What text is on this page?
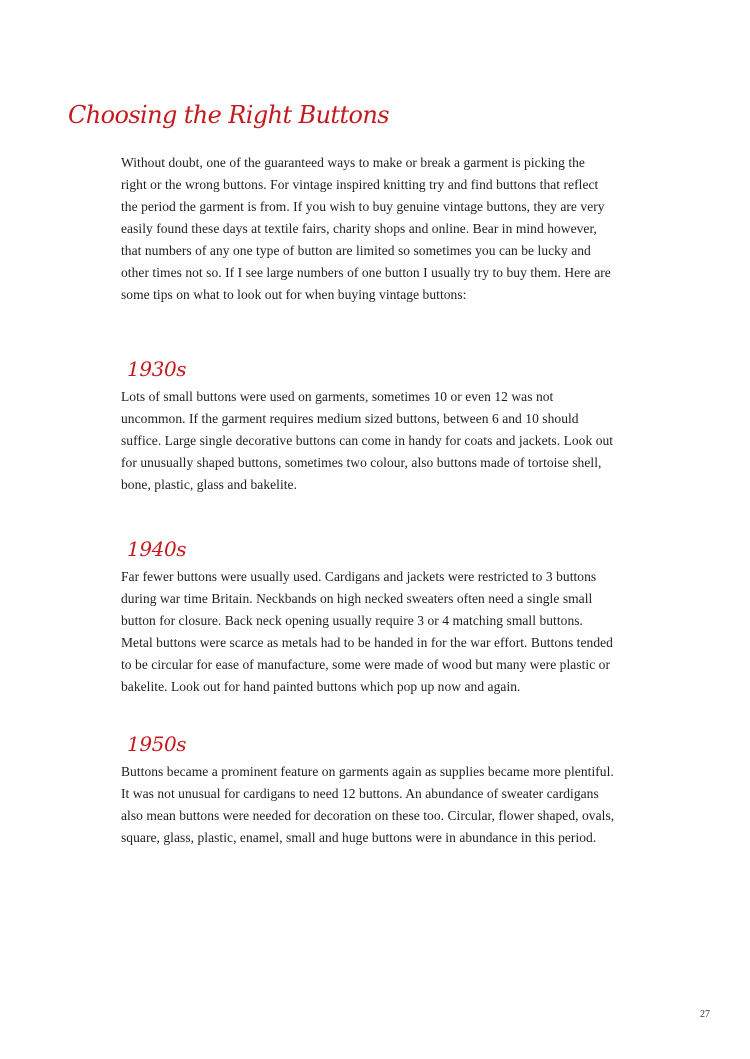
Choosing the Right Buttons
Without doubt, one of the guaranteed ways to make or break a garment is picking the
right or the wrong buttons. For vintage inspired knitting try and find buttons that reflect
the period the garment is from. If you wish to buy genuine vintage buttons, they are very
easily found these days at textile fairs, charity shops and online. Bear in mind however,
that numbers of any one type of button are limited so sometimes you can be lucky and
other times not so. If I see large numbers of one button I usually try to buy them. Here are
some tips on what to look out for when buying vintage buttons:
1930s
Lots of small buttons were used on garments, sometimes 10 or even 12 was not
uncommon. If the garment requires medium sized buttons, between 6 and 10 should
suffice. Large single decorative buttons can come in handy for coats and jackets. Look out
for unusually shaped buttons, sometimes two colour, also buttons made of tortoise shell,
bone, plastic, glass and bakelite.
1940s
Far fewer buttons were usually used. Cardigans and jackets were restricted to 3 buttons
during war time Britain. Neckbands on high necked sweaters often need a single small
button for closure. Back neck opening usually require 3 or 4 matching small buttons.
Metal buttons were scarce as metals had to be handed in for the war effort. Buttons tended
to be circular for ease of manufacture, some were made of wood but many were plastic or
bakelite. Look out for hand painted buttons which pop up now and again.
1950s
Buttons became a prominent feature on garments again as supplies became more plentiful.
It was not unusual for cardigans to need 12 buttons. An abundance of sweater cardigans
also mean buttons were needed for decoration on these too. Circular, flower shaped, ovals,
square, glass, plastic, enamel, small and huge buttons were in abundance in this period.
27
